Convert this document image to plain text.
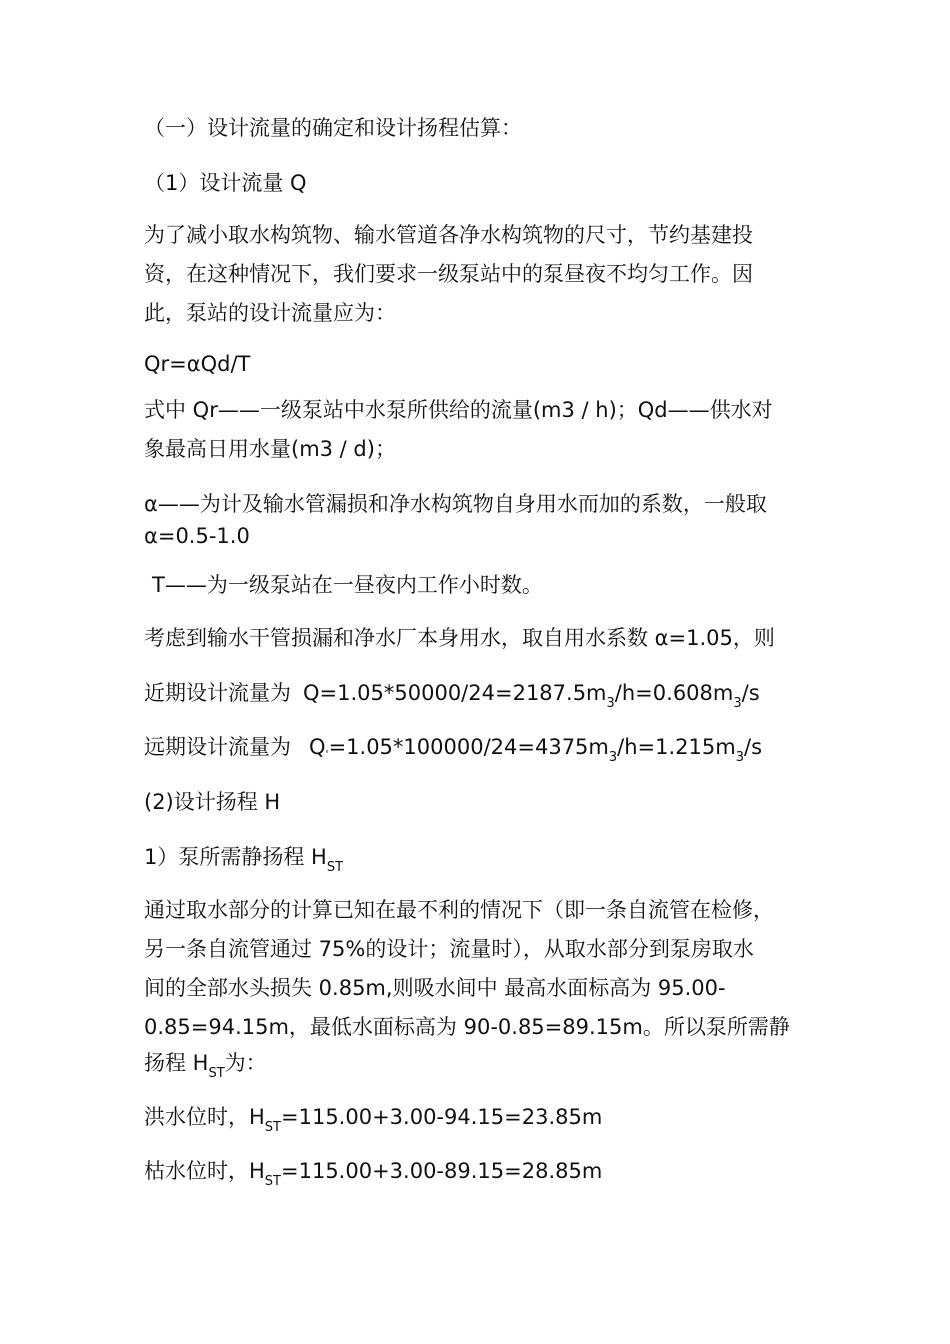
（一）设计流量的确定和设计扬程估算：
（1）设计流量 Q
为了减小取水构筑物、输水管道各净水构筑物的尺寸，节约基建投
资，在这种情况下，我们要求一级泵站中的泵昼夜不均匀工作。因
此，泵站的设计流量应为：
Qr=αQd/T
式中 Qr——一级泵站中水泵所供给的流量(m3 / h)；Qd——供水对
象最高日用水量(m3 / d)；
α——为计及输水管漏损和净水构筑物自身用水而加的系数，一般取
α=0.5-1.0
T——为一级泵站在一昼夜内工作小时数。
考虑到输水干管损漏和净水厂本身用水，取自用水系数 α=1.05，则
近期设计流量为 $Q=1.05*50000/24=2187.5m_3/h=0.608m_3/s$
远期设计流量为 $Q'=1.05*100000/24=4375m_3/h=1.215m_3/s$
(2)设计扬程 H
1）泵所需静扬程 $H_{ST}$
通过取水部分的计算已知在最不利的情况下（即一条自流管在检修，
另一条自流管通过 75%的设计；流量时），从取水部分到泵房取水
间的全部水头损失 0.85m,则吸水间中 最高水面标高为 95.00-
0.85=94.15m，最低水面标高为 90-0.85=89.15m。所以泵所需静
扬程 $H_{ST}$为：
洪水位时，$H_{ST}=115.00+3.00-94.15=23.85m$
枯水位时，$H_{ST}=115.00+3.00-89.15=28.85m$
